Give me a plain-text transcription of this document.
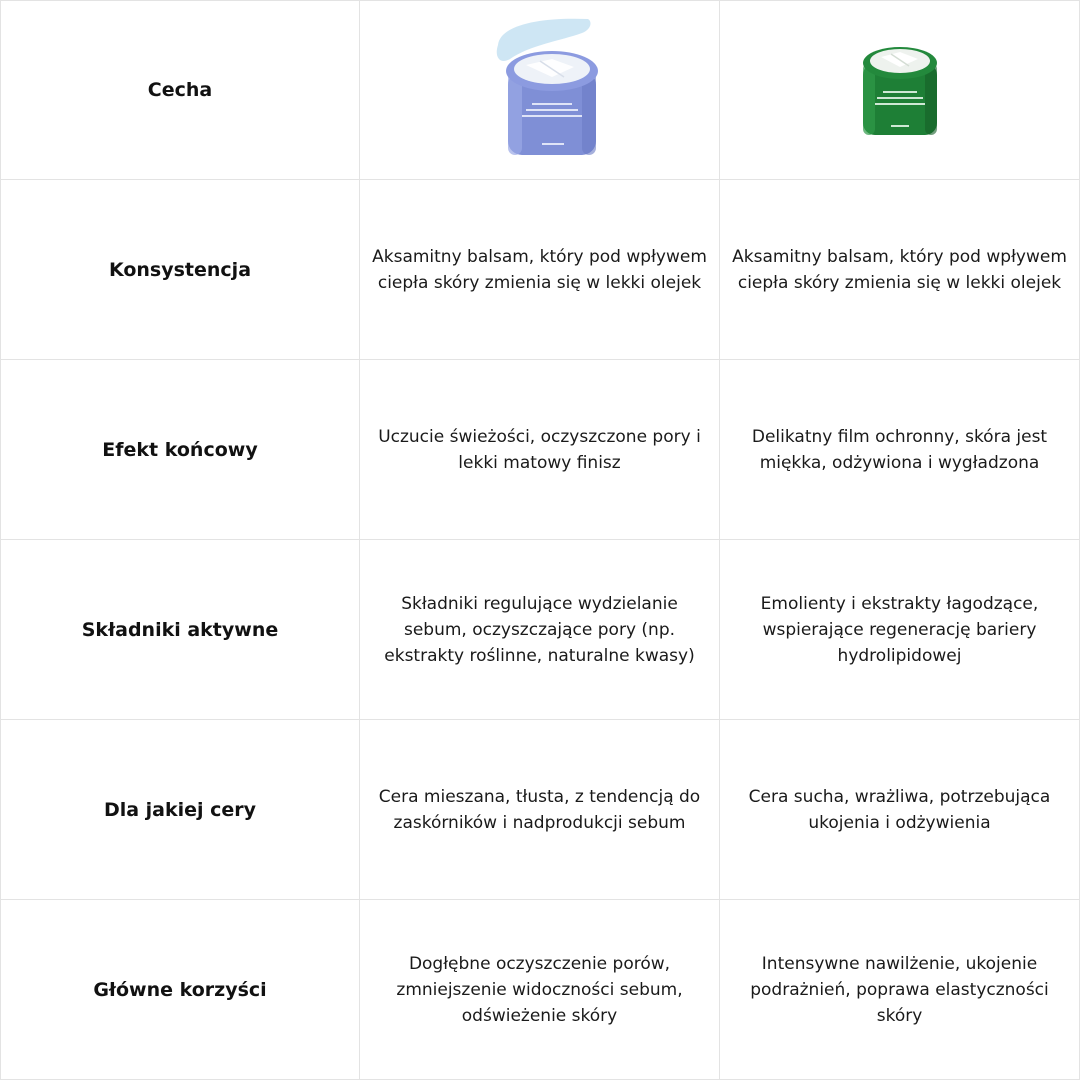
Cecha
Konsystencja
Aksamitny balsam, który pod wpływem ciepła skóry zmienia się w lekki olejek
Aksamitny balsam, który pod wpływem ciepła skóry zmienia się w lekki olejek
Efekt końcowy
Uczucie świeżości, oczyszczone pory i lekki matowy finisz
Delikatny film ochronny, skóra jest miękka, odżywiona i wygładzona
Składniki aktywne
Składniki regulujące wydzielanie sebum, oczyszczające pory (np. ekstrakty roślinne, naturalne kwasy)
Emolienty i ekstrakty łagodzące, wspierające regenerację bariery hydrolipidowej
Dla jakiej cery
Cera mieszana, tłusta, z tendencją do zaskórników i nadprodukcji sebum
Cera sucha, wrażliwa, potrzebująca ukojenia i odżywienia
Główne korzyści
Dogłębne oczyszczenie porów, zmniejszenie widoczności sebum, odświeżenie skóry
Intensywne nawilżenie, ukojenie podrażnień, poprawa elastyczności skóry
